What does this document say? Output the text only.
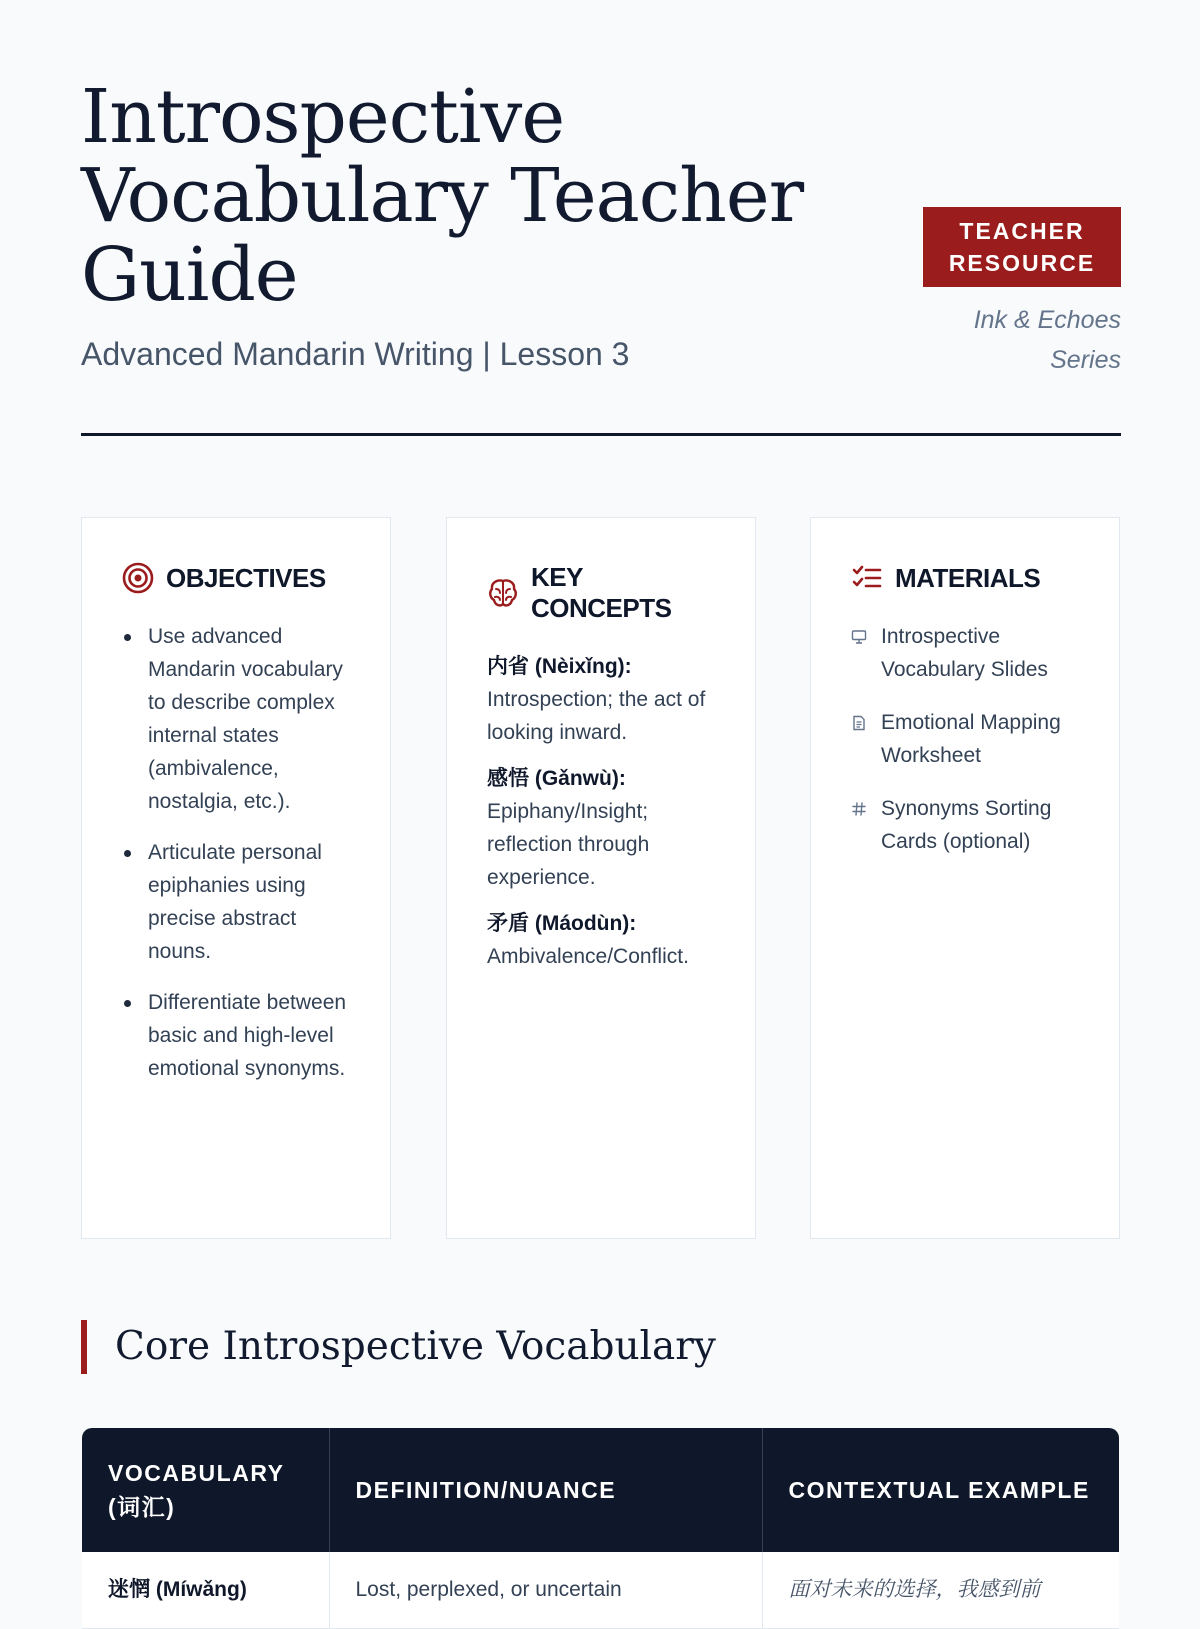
Introspective Vocabulary Teacher Guide
Advanced Mandarin Writing | Lesson 3
TEACHER
RESOURCE
Ink & Echoes Series
OBJECTIVES
Use advanced Mandarin vocabulary to describe complex internal states (ambivalence, nostalgia, etc.).
Articulate personal epiphanies using precise abstract nouns.
Differentiate between basic and high-level emotional synonyms.
KEY CONCEPTS
内省 (Nèixǐng):
Introspection; the act of looking inward.
感悟 (Gǎnwù):
Epiphany/Insight; reflection through experience.
矛盾 (Máodùn):
Ambivalence/Conflict.
MATERIALS
Introspective Vocabulary Slides
Emotional Mapping Worksheet
Synonyms Sorting Cards (optional)
Core Introspective Vocabulary
VOCABULARY (词汇)	DEFINITION/NUANCE	CONTEXTUAL EXAMPLE
迷惘 (Míwǎng)	Lost, perplexed, or uncertain	面对未来的选择，我感到前
